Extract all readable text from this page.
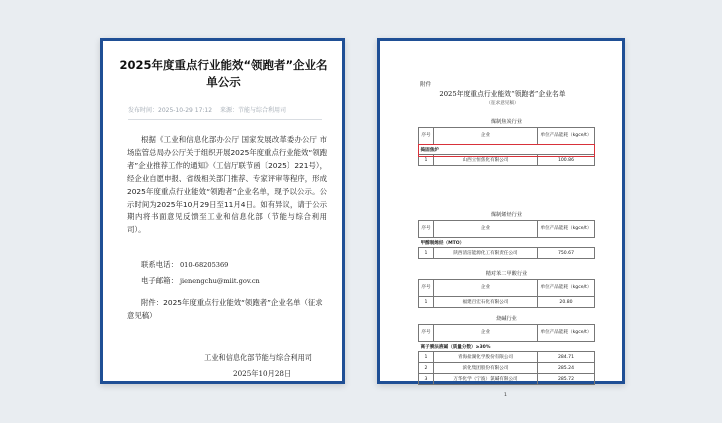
2025年度重点行业能效“领跑者”企业名单公示
发布时间：2025-10-29 17:12 来源：节能与综合利用司
根据《工业和信息化部办公厅 国家发展改革委办公厅 市场监管总局办公厅关于组织开展2025年度重点行业能效“领跑者”企业推荐工作的通知》（工信厅联节函〔2025〕221号），经企业自愿申报、省级相关部门推荐、专家评审等程序，形成2025年度重点行业能效“领跑者”企业名单，现予以公示。公示时间为2025年10月29日至11月4日。如有异议，请于公示期内将书面意见反馈至工业和信息化部（节能与综合利用司）。
联系电话： 010-68205369
电子邮箱： jienengchu@miit.gov.cn
附件：2025年度重点行业能效“领跑者”企业名单（征求意见稿）
工业和信息化部节能与综合利用司
2025年10月28日
附件
2025年度重点行业能效“领跑者”企业名单
（征求意见稿）
煤制焦炭行业
序号	企业	单位产品能耗（kgce/t）
捣固焦炉		
1	山西立恒焦化有限公司	100.86
煤制烯烃行业
序号	企业	单位产品能耗（kgce/t）
甲醇制烯烃（MTO）		
1	陕西清洁能源化工有限责任公司	750.67
精对苯二甲酸行业
序号	企业	单位产品能耗（kgce/t）
1	福建百宏石化有限公司	20.80
烧碱行业
序号	企业	单位产品能耗（kgce/t）
离子膜法液碱（质量分数）≥30%		
1	青海盐湖化学股份有限公司	284.71
2	滨化集团股份有限公司	285.24
3	万华化学（宁波）氯碱有限公司	285.72
1
